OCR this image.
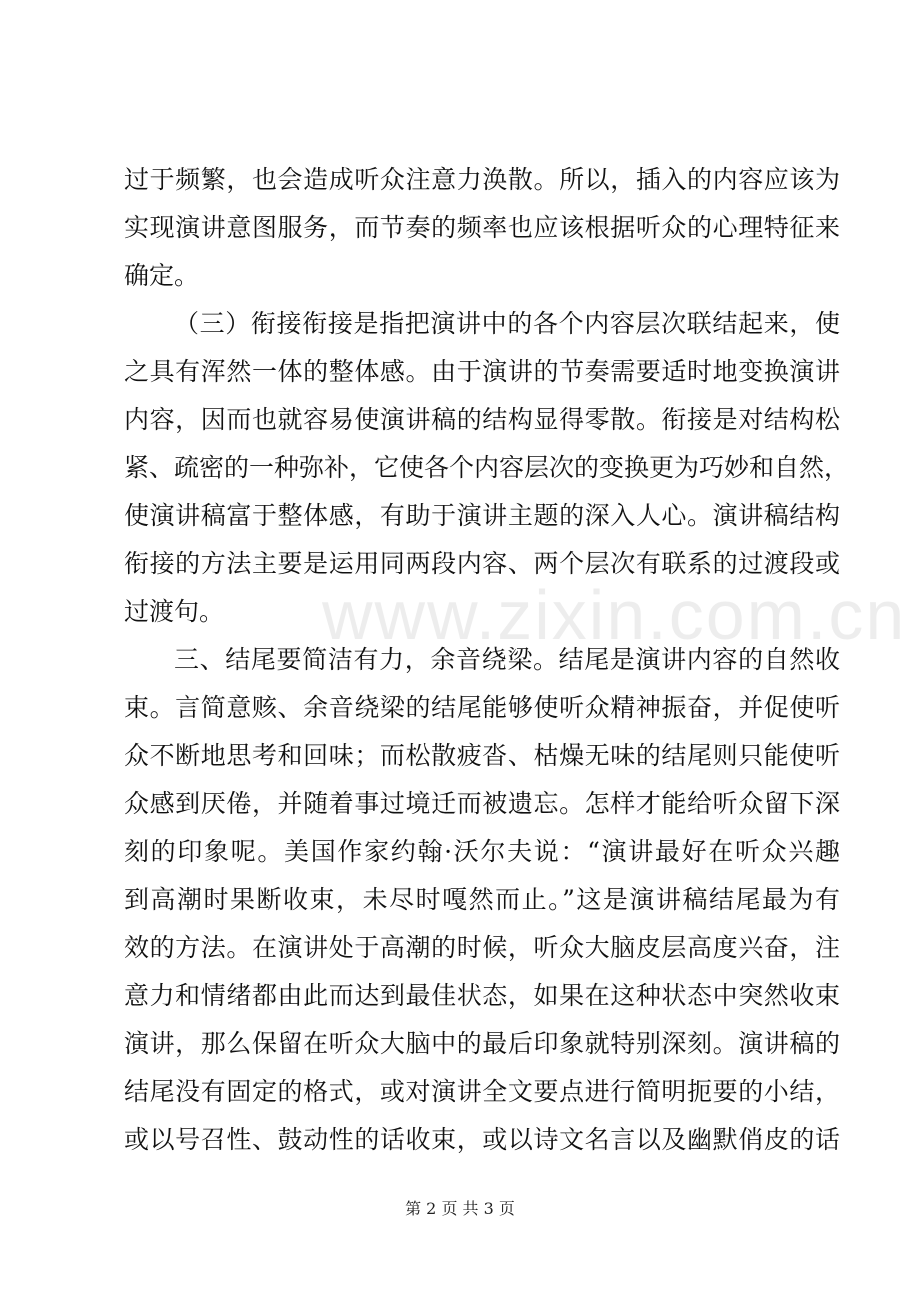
www.zixin.com.cn
过于频繁，也会造成听众注意力涣散。所以，插入的内容应该为
实现演讲意图服务，而节奏的频率也应该根据听众的心理特征来
确定。
（三）衔接衔接是指把演讲中的各个内容层次联结起来，使
之具有浑然一体的整体感。由于演讲的节奏需要适时地变换演讲
内容，因而也就容易使演讲稿的结构显得零散。衔接是对结构松
紧、疏密的一种弥补，它使各个内容层次的变换更为巧妙和自然，
使演讲稿富于整体感，有助于演讲主题的深入人心。演讲稿结构
衔接的方法主要是运用同两段内容、两个层次有联系的过渡段或
过渡句。
三、结尾要简洁有力，余音绕梁。结尾是演讲内容的自然收
束。言简意赅、余音绕梁的结尾能够使听众精神振奋，并促使听
众不断地思考和回味；而松散疲沓、枯燥无味的结尾则只能使听
众感到厌倦，并随着事过境迁而被遗忘。怎样才能给听众留下深
刻的印象呢。美国作家约翰·沃尔夫说：“演讲最好在听众兴趣
到高潮时果断收束，未尽时嘎然而止。”这是演讲稿结尾最为有
效的方法。在演讲处于高潮的时候，听众大脑皮层高度兴奋，注
意力和情绪都由此而达到最佳状态，如果在这种状态中突然收束
演讲，那么保留在听众大脑中的最后印象就特别深刻。演讲稿的
结尾没有固定的格式，或对演讲全文要点进行简明扼要的小结，
或以号召性、鼓动性的话收束，或以诗文名言以及幽默俏皮的话
第 2 页 共 3 页
